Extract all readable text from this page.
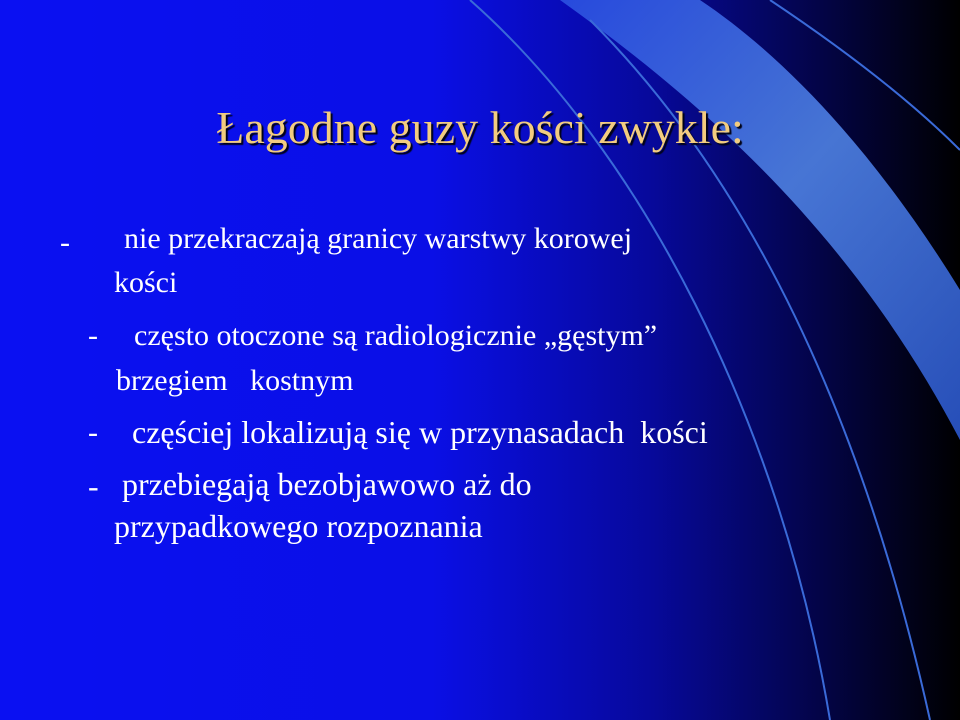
Łagodne guzy kości zwykle:
- nie przekraczają granicy warstwy korowej
kości
- często otoczone są radiologicznie „gęstym”
brzegiem   kostnym
- częściej lokalizują się w przynasadach  kości
- przebiegają bezobjawowo aż do
przypadkowego rozpoznania
